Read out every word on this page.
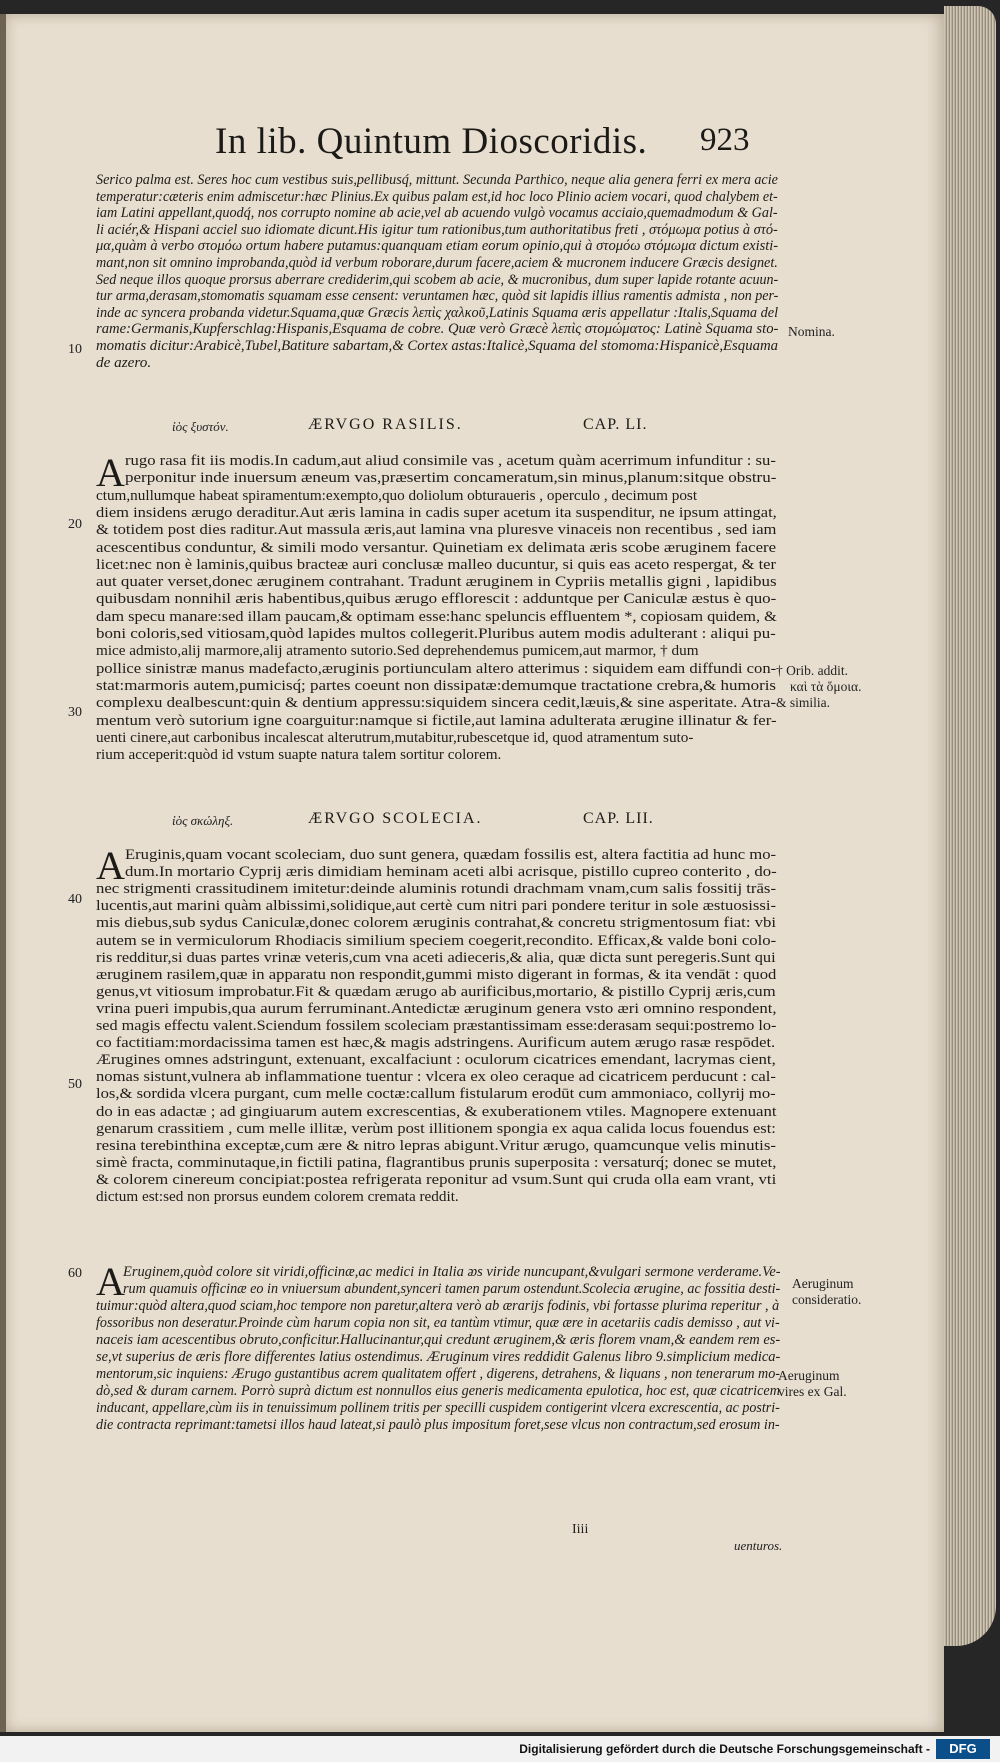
In lib. Quintum Dioscoridis. 923
Serico palma est. Seres hoc cum vestibus suis,pellibusq́, mittunt. Secunda Parthico, neque alia genera ferri ex mera acie
temperatur:cæteris enim admiscetur:hæc Plinius.Ex quibus palam est,id hoc loco Plinio aciem vocari, quod chalybem et-
iam Latini appellant,quodq́, nos corrupto nomine ab acie,vel ab acuendo vulgò vocamus acciaio,quemadmodum & Gal-
li aciér,& Hispani acciel suo idiomate dicunt.His igitur tum rationibus,tum authoritatibus freti , στόμωμα potius à στό-
μα,quàm à verbo στομόω ortum habere putamus:quanquam etiam eorum opinio,qui à στομόω στόμωμα dictum existi-
mant,non sit omnino improbanda,quòd id verbum roborare,durum facere,aciem & mucronem inducere Græcis designet.
Sed neque illos quoque prorsus aberrare crediderim,qui scobem ab acie, & mucronibus, dum super lapide rotante acuun-
tur arma,derasam,stomomatis squamam esse censent: veruntamen hæc, quòd sit lapidis illius ramentis admista , non per-
inde ac syncera probanda videtur.Squama,quæ Græcis λεπὶς χαλκοῦ,Latinis Squama æris appellatur :Italis,Squama del
rame:Germanis,Kupferschlag:Hispanis,Esquama de cobre. Quæ verò Græcè λεπὶς στομώματος: Latinè Squama sto-
momatis dicitur:Arabicè,Tubel,Batiture sabartam,& Cortex astas:Italicè,Squama del stomoma:Hispanicè,Esquama
de azero.
Nomina.
ἰὸς ξυστόν.	ÆRVGO RASILIS.	CAP. LI.
A rugo rasa fit iis modis.In cadum,aut aliud consimile vas , acetum quàm acerrimum infunditur : su-
perponitur inde inuersum æneum vas,præsertim concameratum,sin minus,planum:sitque obstru-
ctum,nullumque habeat spiramentum:exempto,quo doliolum obturaueris , operculo , decimum post
diem insidens ærugo deraditur.Aut æris lamina in cadis super acetum ita suspenditur, ne ipsum attingat,
& totidem post dies raditur.Aut massula æris,aut lamina vna pluresve vinaceis non recentibus , sed iam
acescentibus conduntur, & simili modo versantur. Quinetiam ex delimata æris scobe æruginem facere
licet:nec non è laminis,quibus bracteæ auri conclusæ malleo ducuntur, si quis eas aceto respergat, & ter
aut quater verset,donec æruginem contrahant. Tradunt æruginem in Cypriis metallis gigni , lapidibus
quibusdam nonnihil æris habentibus,quibus ærugo efflorescit : adduntque per Caniculæ æstus è quo-
dam specu manare:sed illam paucam,& optimam esse:hanc speluncis effluentem *, copiosam quidem, &
boni coloris,sed vitiosam,quòd lapides multos collegerit.Pluribus autem modis adulterant : aliqui pu-
mice admisto,alij marmore,alij atramento sutorio.Sed deprehendemus pumicem,aut marmor, † dum
pollice sinistræ manus madefacto,æruginis portiunculam altero atterimus : siquidem eam diffundi con-
stat:marmoris autem,pumicisq́; partes coeunt non dissipatæ:demumque tractatione crebra,& humoris
complexu dealbescunt:quin & dentium appressu:siquidem sincera cedit,læuis,& sine asperitate. Atra-
mentum verò sutorium igne coarguitur:namque si fictile,aut lamina adulterata ærugine illinatur & fer-
uenti cinere,aut carbonibus incalescat alterutrum,mutabitur,rubescetque id, quod atramentum suto-
rium acceperit:quòd id vstum suapte natura talem sortitur colorem.
† Orib. addit.
καὶ τὰ ὅμοια.
& similia.
ἰὸς σκώληξ.	ÆRVGO SCOLECIA.	CAP. LII.
A Eruginis,quam vocant scoleciam, duo sunt genera, quædam fossilis est, altera factitia ad hunc mo-
dum.In mortario Cyprij æris dimidiam heminam aceti albi acrisque, pistillo cupreo conterito , do-
nec strigmenti crassitudinem imitetur:deinde aluminis rotundi drachmam vnam,cum salis fossitij trās-
lucentis,aut marini quàm albissimi,solidique,aut certè cum nitri pari pondere teritur in sole æstuosissi-
mis diebus,sub sydus Caniculæ,donec colorem æruginis contrahat,& concretu strigmentosum fiat: vbi
autem se in vermiculorum Rhodiacis similium speciem coegerit,recondito. Efficax,& valde boni colo-
ris redditur,si duas partes vrinæ veteris,cum vna aceti adieceris,& alia, quæ dicta sunt peregeris.Sunt qui
æruginem rasilem,quæ in apparatu non respondit,gummi misto digerant in formas, & ita vendāt : quod
genus,vt vitiosum improbatur.Fit & quædam ærugo ab aurificibus,mortario, & pistillo Cyprij æris,cum
vrina pueri impubis,qua aurum ferruminant.Antedictæ æruginum genera vsto æri omnino respondent,
sed magis effectu valent.Sciendum fossilem scoleciam præstantissimam esse:derasam sequi:postremo lo-
co factitiam:mordacissima tamen est hæc,& magis adstringens. Aurificum autem ærugo rasæ respōdet.
Ærugines omnes adstringunt, extenuant, excalfaciunt : oculorum cicatrices emendant, lacrymas cient,
nomas sistunt,vulnera ab inflammatione tuentur : vlcera ex oleo ceraque ad cicatricem perducunt : cal-
los,& sordida vlcera purgant, cum melle coctæ:callum fistularum erodūt cum ammoniaco, collyrij mo-
do in eas adactæ ; ad gingiuarum autem excrescentias, & exuberationem vtiles. Magnopere extenuant
genarum crassitiem , cum melle illitæ, verùm post illitionem spongia ex aqua calida locus fouendus est:
resina terebinthina exceptæ,cum ære & nitro lepras abigunt.Vritur ærugo, quamcunque velis minutis-
simè fracta, comminutaque,in fictili patina, flagrantibus prunis superposita : versaturq́; donec se mutet,
& colorem cinereum concipiat:postea refrigerata reponitur ad vsum.Sunt qui cruda olla eam vrant, vti
dictum est:sed non prorsus eundem colorem cremata reddit.
A
Eruginem,quòd colore sit viridi,officinæ,ac medici in Italia ᴂs viride nuncupant,&vulgari sermone verderame.Ve-
rum quamuis officinæ eo in vniuersum abundent,synceri tamen parum ostendunt.Scolecia ærugine, ac fossitia desti-
tuimur:quòd altera,quod sciam,hoc tempore non paretur,altera verò ab ærarijs fodinis, vbi fortasse plurima reperitur , à
fossoribus non deseratur.Proinde cùm harum copia non sit, ea tantùm vtimur, quæ ære in acetariis cadis demisso , aut vi-
naceis iam acescentibus obruto,conficitur.Hallucinantur,qui credunt æruginem,& æris florem vnam,& eandem rem es-
se,vt superius de æris flore differentes latius ostendimus. Æruginum vires reddidit Galenus libro 9.simplicium medica-
mentorum,sic inquiens: Ærugo gustantibus acrem qualitatem offert , digerens, detrahens, & liquans , non tenerarum mo-
dò,sed & duram carnem. Porrò suprà dictum est nonnullos eius generis medicamenta epulotica, hoc est, quæ cicatricem
inducant, appellare,cùm iis in tenuissimum pollinem tritis per specilli cuspidem contigerint vlcera excrescentia, ac postri-
die contracta reprimant:tametsi illos haud lateat,si paulò plus impositum foret,sese vlcus non contractum,sed erosum in-
Aeruginum
consideratio.
Aeruginum
vires ex Gal.
10
20
30
40
50
60
Iiii
uenturos.
Digitalisierung gefördert durch die Deutsche Forschungsgemeinschaft -	DFG
